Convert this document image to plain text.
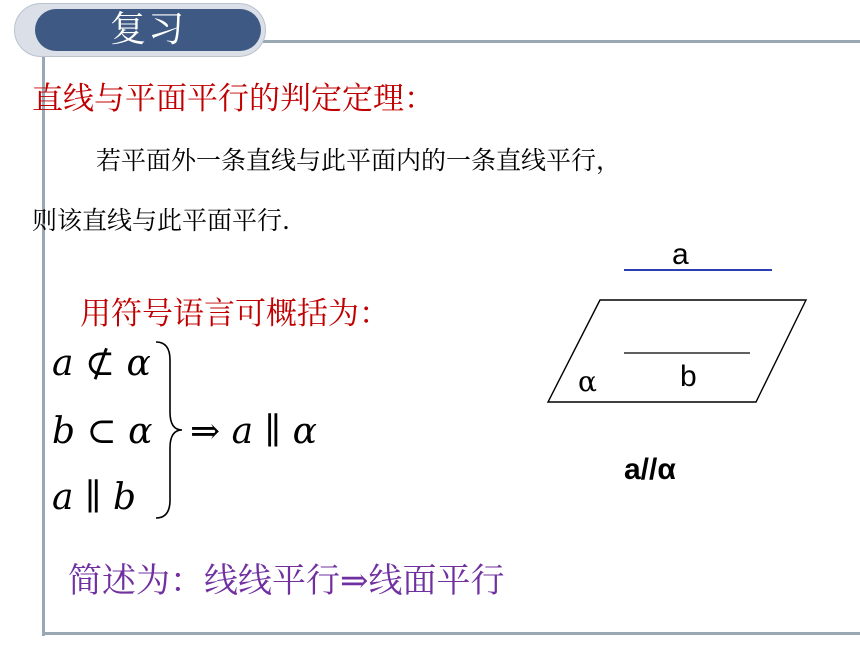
复习
直线与平面平行的判定定理：
若平面外一条直线与此平面内的一条直线平行，
则该直线与此平面平行.
用符号语言可概括为：
a ⊄ α
b ⊂ α
a ∥ b
⇒ a ∥ α
a
b
α
a//α
简述为：线线平行⇒线面平行
